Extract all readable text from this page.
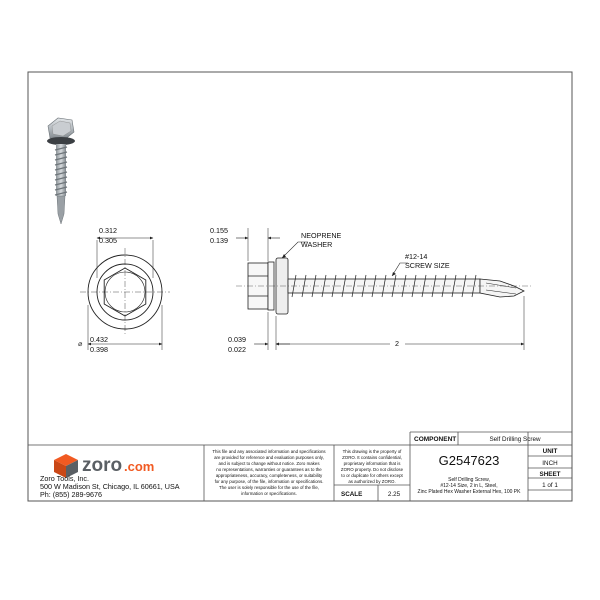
0.312
0.305
⌀ 0.432
0.398
0.155
0.139
0.039
0.022
2
NEOPRENE
WASHER
#12-14
SCREW SIZE
zoro .com
Zoro Tools, Inc.
500 W Madison St, Chicago, IL 60661, USA
Ph: (855) 289-9676
This file and any associated information and specifications
are provided for reference and evaluation purposes only,
and is subject to change without notice. Zoro makes
no representations, warranties or guarantees as to the
appropriateness, accuracy, completeness, or suitability
for any purpose, of the file, information or specifications.
The user is solely responsible for the use of the file,
information or specifications.
This drawing is the property of
ZORO. It contains confidential,
proprietary information that is
ZORO property. Do not disclose
to or duplicate for others except
as authorized by ZORO.
COMPONENT	Self Drilling Screw
G2547623
Self Drilling Screw,
#12-14 Size, 2 in L, Steel,
Zinc Plated Hex Washer External Hex, 100 PK
UNIT
INCH
SHEET
1 of 1
SCALE	2.25
